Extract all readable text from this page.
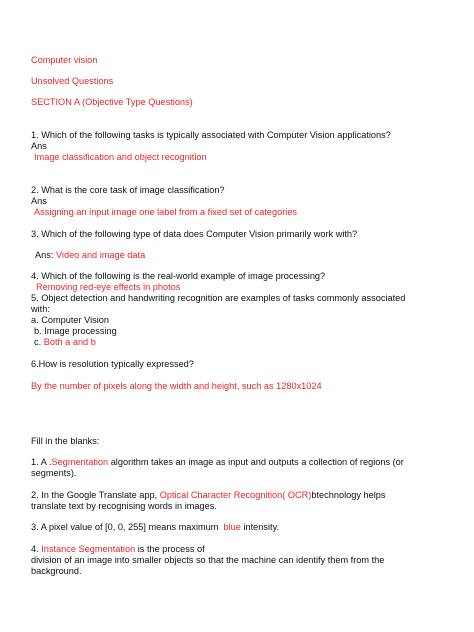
Computer vision
Unsolved Questions
SECTION A (Objective Type Questions)
1. Which of the following tasks is typically associated with Computer Vision applications?
Ans
Image classification and object recognition
2. What is the core task of image classification?
Ans
Assigning an input image one label from a fixed set of categories
3. Which of the following type of data does Computer Vision primarily work with?
Ans: Video and image data
4. Which of the following is the real-world example of image processing?
Removing red-eye effects in photos
5. Object detection and handwriting recognition are examples of tasks commonly associated
with:
a. Computer Vision
b. Image processing
c. Both a and b
6.How is resolution typically expressed?
By the number of pixels along the width and height, such as 1280x1024
Fill in the blanks:
1. A .Segmentation algorithm takes an image as input and outputs a collection of regions (or
segments).
2. In the Google Translate app, Optical Character Recognition( OCR)btechnology helps
translate text by recognising words in images.
3. A pixel value of [0, 0, 255] means maximum  blue intensity.
4. Instance Segmentation is the process of
division of an image into smaller objects so that the machine can identify them from the
background.
